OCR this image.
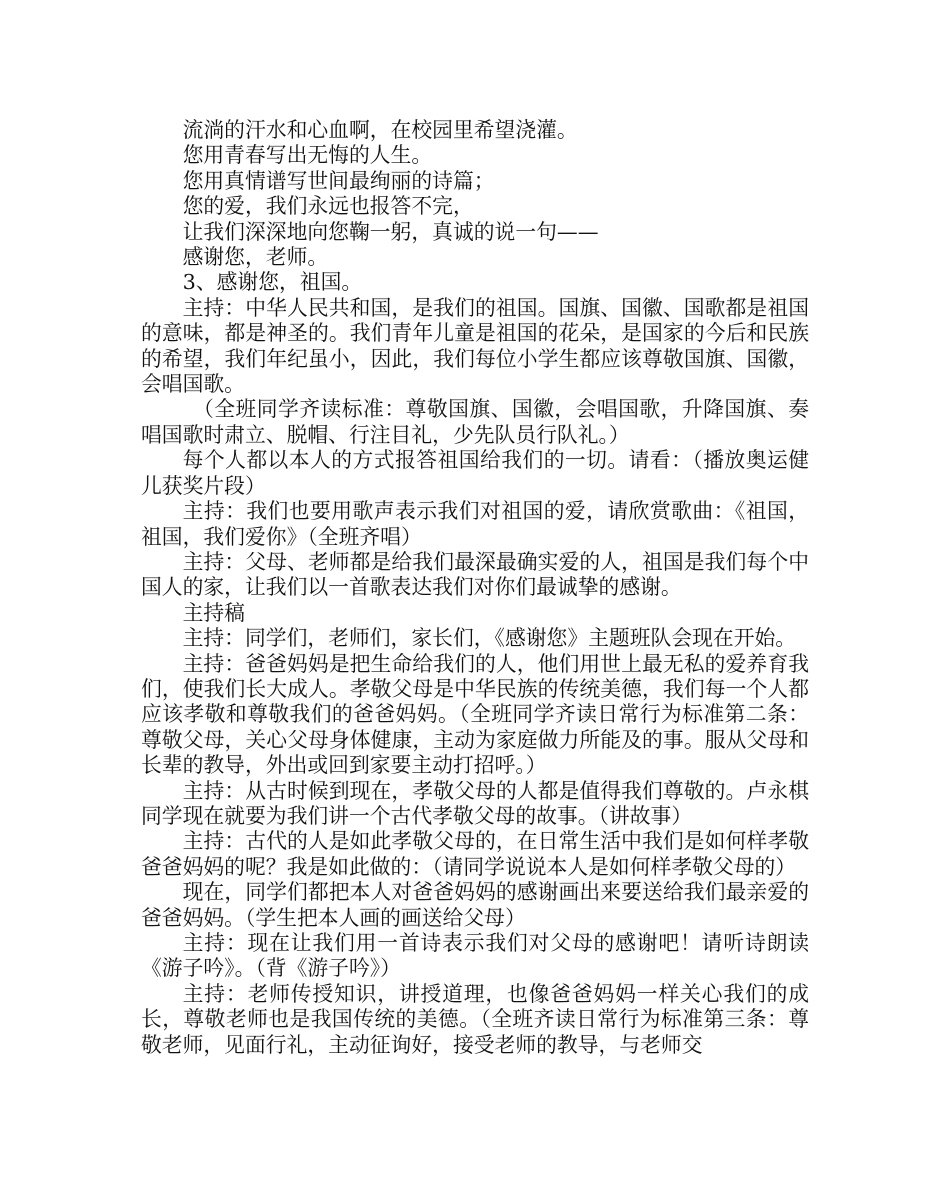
流淌的汗水和心血啊，在校园里希望浇灌。

您用青春写出无悔的人生。

您用真情谱写世间最绚丽的诗篇；

您的爱，我们永远也报答不完，

让我们深深地向您鞠一躬，真诚的说一句——

感谢您，老师。

3、感谢您，祖国。

主持：中华人民共和国，是我们的祖国。国旗、国徽、国歌都是祖国的意味，都是神圣的。我们青年儿童是祖国的花朵，是国家的今后和民族的希望，我们年纪虽小，因此，我们每位小学生都应该尊敬国旗、国徽，会唱国歌。

（全班同学齐读标准：尊敬国旗、国徽，会唱国歌，升降国旗、奏唱国歌时肃立、脱帽、行注目礼，少先队员行队礼。）

每个人都以本人的方式报答祖国给我们的一切。请看：（播放奥运健儿获奖片段）

主持：我们也要用歌声表示我们对祖国的爱，请欣赏歌曲：《祖国，祖国，我们爱你》（全班齐唱）

主持：父母、老师都是给我们最深最确实爱的人，祖国是我们每个中国人的家，让我们以一首歌表达我们对你们最诚挚的感谢。

主持稿

主持：同学们，老师们，家长们，《感谢您》主题班队会现在开始。

主持：爸爸妈妈是把生命给我们的人，他们用世上最无私的爱养育我们，使我们长大成人。孝敬父母是中华民族的传统美德，我们每一个人都应该孝敬和尊敬我们的爸爸妈妈。（全班同学齐读日常行为标准第二条：尊敬父母，关心父母身体健康，主动为家庭做力所能及的事。服从父母和长辈的教导，外出或回到家要主动打招呼。）

主持：从古时候到现在，孝敬父母的人都是值得我们尊敬的。卢永棋同学现在就要为我们讲一个古代孝敬父母的故事。（讲故事）

主持：古代的人是如此孝敬父母的，在日常生活中我们是如何样孝敬爸爸妈妈的呢？我是如此做的：（请同学说说本人是如何样孝敬父母的）

现在，同学们都把本人对爸爸妈妈的感谢画出来要送给我们最亲爱的爸爸妈妈。（学生把本人画的画送给父母）

主持：现在让我们用一首诗表示我们对父母的感谢吧！请听诗朗读《游子吟》。（背《游子吟》）

主持：老师传授知识，讲授道理，也像爸爸妈妈一样关心我们的成长，尊敬老师也是我国传统的美德。（全班齐读日常行为标准第三条：尊敬老师，见面行礼，主动征询好，接受老师的教导，与老师交
